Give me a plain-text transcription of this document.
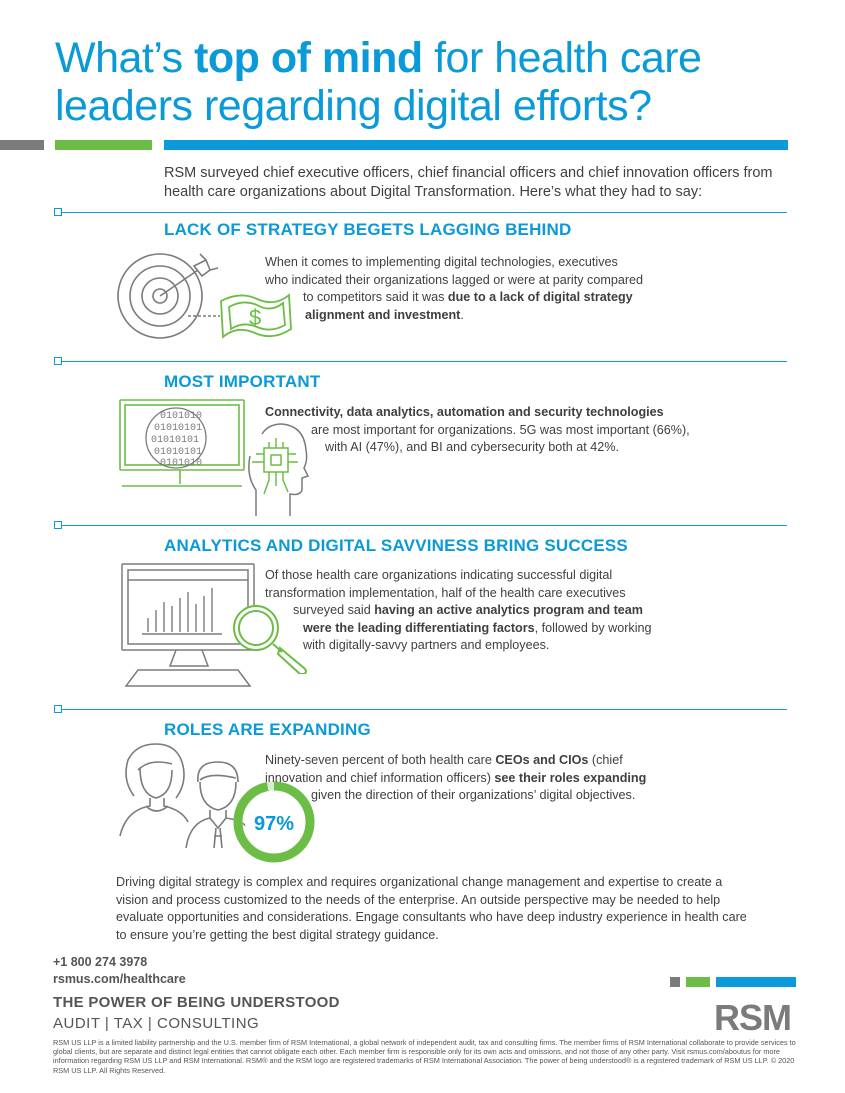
What’s top of mind for health care leaders regarding digital efforts?
RSM surveyed chief executive officers, chief financial officers and chief innovation officers from health care organizations about Digital Transformation. Here’s what they had to say:
LACK OF STRATEGY BEGETS LAGGING BEHIND
$
When it comes to implementing digital technologies, executives
who indicated their organizations lagged or were at parity compared
to competitors said it was due to a lack of digital strategy
alignment and investment.
MOST IMPORTANT
0101010
01010101
01010101
01010101
0101010
Connectivity, data analytics, automation and security technologies
are most important for organizations. 5G was most important (66%),
with AI (47%), and BI and cybersecurity both at 42%.
ANALYTICS AND DIGITAL SAVVINESS BRING SUCCESS
Of those health care organizations indicating successful digital
transformation implementation, half of the health care executives
surveyed said having an active analytics program and team
were the leading differentiating factors, followed by working
with digitally-savvy partners and employees.
ROLES ARE EXPANDING
97%
Ninety-seven percent of both health care CEOs and CIOs (chief
innovation and chief information officers) see their roles expanding
given the direction of their organizations’ digital objectives.
Driving digital strategy is complex and requires organizational change management and expertise to create a vision and process customized to the needs of the enterprise. An outside perspective may be needed to help evaluate opportunities and considerations. Engage consultants who have deep industry experience in health care to ensure you’re getting the best digital strategy guidance.
+1 800 274 3978
rsmus.com/healthcare
THE POWER OF BEING UNDERSTOOD
AUDIT | TAX | CONSULTING	RSM
RSM US LLP is a limited liability partnership and the U.S. member firm of RSM International, a global network of independent audit, tax and consulting firms. The member firms of RSM International collaborate to provide services to global clients, but are separate and distinct legal entities that cannot obligate each other. Each member firm is responsible only for its own acts and omissions, and not those of any other party. Visit rsmus.com/aboutus for more information regarding RSM US LLP and RSM International. RSM® and the RSM logo are registered trademarks of RSM International Association. The power of being understood® is a registered trademark of RSM US LLP. © 2020 RSM US LLP. All Rights Reserved.
